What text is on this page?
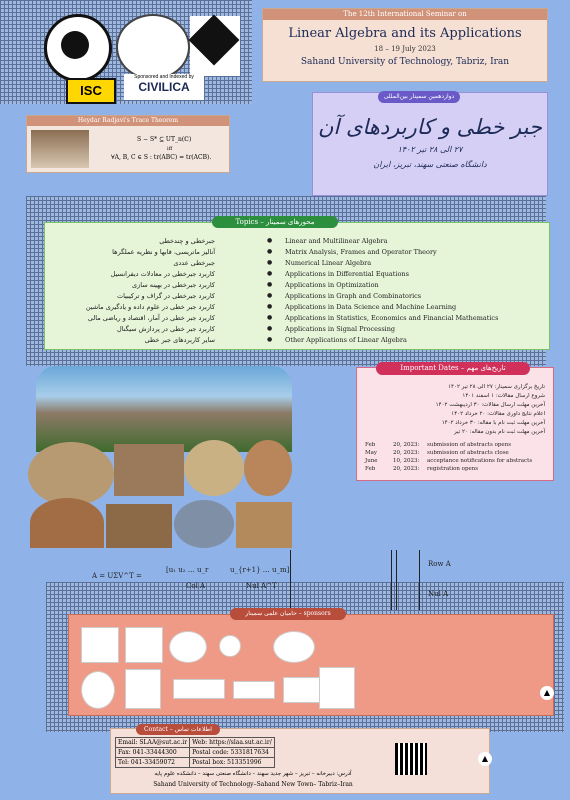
ISC
Sponsored and Indexed by
CIVILICA
The 12th International Seminar on
Linear Algebra and its Applications
18 – 19 July 2023
Sahand University of Technology, Tabriz, Iran
جبر خطی و کاربردهای آن
۲۷ الی ۲۸ تیر ۱۴۰۲
دانشگاه صنعتی سهند، تبریز، ایران
دوازدهمین سمینار بین‌المللی
Heydar Radjavi's Trace Theorem
S − S* ⊆ UT_n(ℂ)
iff
∀A, B, C ∈ S : tr(ABC) = tr(ACB).
جبرخطی و چندخطی	● Linear and Multilinear Algebra
آنالیز ماتریسی، قابها و نظریه عملگرها	● Matrix Analysis, Frames and Operator Theory
جبرخطی عددی	● Numerical Linear Algebra
کاربرد جبرخطی در معادلات دیفرانسیل	● Applications in Differential Equations
کاربرد جبرخطی در بهینه سازی	● Applications in Optimization
کاربرد جبرخطی در گراف و ترکیبیات	● Applications in Graph and Combinatorics
کاربرد جبر خطی در علوم داده و یادگیری ماشین	● Applications in Data Science and Machine Learning
کاربرد جبر خطی در آمار، اقتصاد و ریاضی مالی	● Applications in Statistics, Economics and Financial Mathematics
کاربرد جبر خطی در پردازش سیگنال	● Applications in Signal Processing
سایر کاربردهای جبر خطی	● Other Applications of Linear Algebra
Topics – محورهای سمینار
تاریخ برگزاری سمینار: ۲۷ الی ۲۸ تیر ۱۴۰۲
شروع ارسال مقالات: ۱ اسفند ۱۴۰۱
آخرین مهلت ارسال مقالات: ۳۰ اردیبهشت ۱۴۰۲
اعلام نتایج داوری مقالات: ۲۰ خرداد ۱۴۰۲
آخرین مهلت ثبت نام با مقاله: ۳۰ خرداد ۱۴۰۲
آخرین مهلت ثبت نام بدون مقاله: ۲۰ تیر
Feb	20, 2023: submission of abstracts opens
May	20, 2023: submission of abstracts close
June	10, 2023: acceptance notifications for abstracts
Feb	20, 2023: registration opens
Important Dates – تاریخ‌های مهم
A = UΣV^T =
[u₁ u₂ … u_r
Col A
u_{r+1} … u_m]
Nul A^T
Row A
Nul A
حامیان علمی سمینار – sponsors
▲
Email: SLAA@sut.ac.ir	Web: https://slaa.sut.ac.ir/
Fax: 041-33444300	Postal code: 5331817634
Tel: 041-33459072	Postal box: 513351996
آدرس: دبیرخانه – تبریز – شهر جدید سهند – دانشگاه صنعتی سهند – دانشکده علوم پایه
Sahand University of Technology–Sahand New Town– Tabriz–Iran
Contact – اطلاعات تماس
▲
